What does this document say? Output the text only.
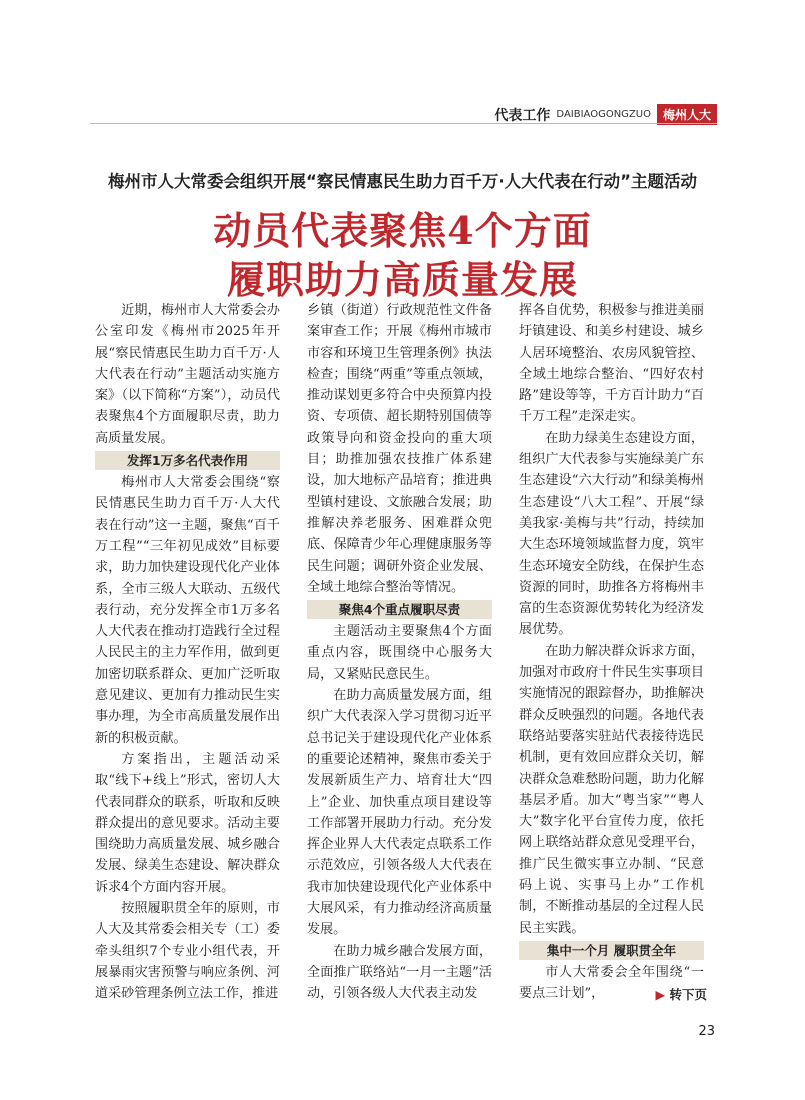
代表工作 DAIBIAOGONGZUO	梅州人大
梅州市人大常委会组织开展“察民情惠民生助力百千万·人大代表在行动”主题活动
动员代表聚焦4个方面
履职助力高质量发展

近期，梅州市人大常委会办公室印发《梅州市2025年开展“察民情惠民生助力百千万·人大代表在行动”主题活动实施方案》（以下简称“方案”），动员代表聚焦4个方面履职尽责，助力高质量发展。

发挥1万多名代表作用

梅州市人大常委会围绕“察民情惠民生助力百千万·人大代表在行动”这一主题，聚焦“百千万工程”“三年初见成效”目标要求，助力加快建设现代化产业体系，全市三级人大联动、五级代表行动，充分发挥全市1万多名人大代表在推动打造践行全过程人民民主的主力军作用，做到更加密切联系群众、更加广泛听取意见建议、更加有力推动民生实事办理，为全市高质量发展作出新的积极贡献。

方案指出，主题活动采取“线下+线上”形式，密切人大代表同群众的联系，听取和反映群众提出的意见要求。活动主要围绕助力高质量发展、城乡融合发展、绿美生态建设、解决群众诉求4个方面内容开展。

按照履职贯全年的原则，市人大及其常委会相关专（工）委牵头组织7个专业小组代表，开展暴雨灾害预警与响应条例、河道采砂管理条例立法工作，推进

乡镇（街道）行政规范性文件备案审查工作；开展《梅州市城市市容和环境卫生管理条例》执法检查；围绕“两重”等重点领域，推动谋划更多符合中央预算内投资、专项债、超长期特别国债等政策导向和资金投向的重大项目；助推加强农技推广体系建设，加大地标产品培育；推进典型镇村建设、文旅融合发展；助推解决养老服务、困难群众兜底、保障青少年心理健康服务等民生问题；调研外资企业发展、全域土地综合整治等情况。

聚焦4个重点履职尽责

主题活动主要聚焦4个方面重点内容，既围绕中心服务大局，又紧贴民意民生。

在助力高质量发展方面，组织广大代表深入学习贯彻习近平总书记关于建设现代化产业体系的重要论述精神，聚焦市委关于发展新质生产力、培育壮大“四上”企业、加快重点项目建设等工作部署开展助力行动。充分发挥企业界人大代表定点联系工作示范效应，引领各级人大代表在我市加快建设现代化产业体系中大展风采，有力推动经济高质量发展。

在助力城乡融合发展方面，全面推广联络站“一月一主题”活动，引领各级人大代表主动发

挥各自优势，积极参与推进美丽圩镇建设、和美乡村建设、城乡人居环境整治、农房风貌管控、全域土地综合整治、“四好农村路”建设等等，千方百计助力“百千万工程”走深走实。

在助力绿美生态建设方面，组织广大代表参与实施绿美广东生态建设“六大行动”和绿美梅州生态建设“八大工程”、开展“绿美我家·美梅与共”行动，持续加大生态环境领域监督力度，筑牢生态环境安全防线，在保护生态资源的同时，助推各方将梅州丰富的生态资源优势转化为经济发展优势。

在助力解决群众诉求方面，加强对市政府十件民生实事项目实施情况的跟踪督办，助推解决群众反映强烈的问题。各地代表联络站要落实驻站代表接待选民机制，更有效回应群众关切，解决群众急难愁盼问题，助力化解基层矛盾。加大“粤当家”“粤人大”数字化平台宣传力度，依托网上联络站群众意见受理平台，推广民生微实事立办制、“民意码上说、实事马上办”工作机制，不断推动基层的全过程人民民主实践。

集中一个月 履职贯全年

市人大常委会全年围绕“一要点三计划”，	▶ 转下页
23
